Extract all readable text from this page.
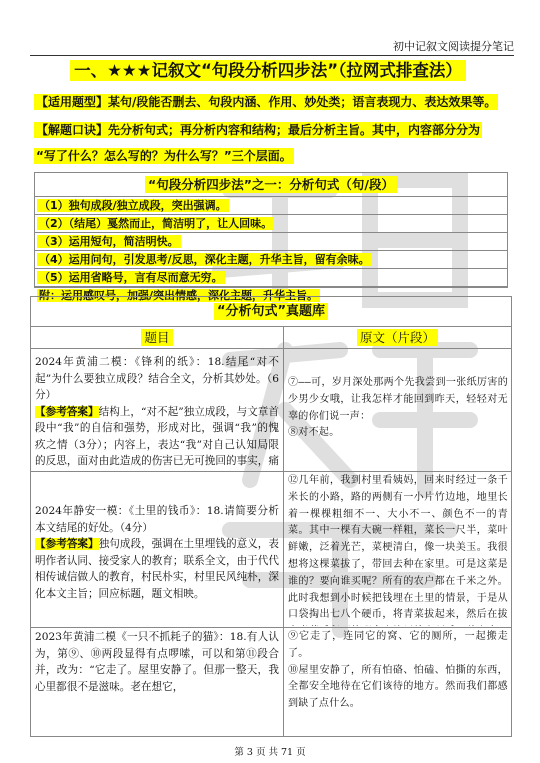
初中记叙文阅读提分笔记
一、★★★记叙文“句段分析四步法”（拉网式排查法）
【适用题型】某句/段能否删去、句段内涵、作用、妙处类；语言表现力、表达效果等。
【解题口诀】先分析句式；再分析内容和结构；最后分析主旨。其中，内容部分分为
“写了什么？怎么写的？为什么写？”三个层面。
“句段分析四步法”之一：分析句式（句/段）
（1）独句成段/独立成段，突出强调。
（2）（结尾）戛然而止，简洁明了，让人回味。
（3）运用短句，简洁明快。
（4）运用问句，引发思考/反思，深化主题，升华主旨，留有余味。
（5）运用省略号，言有尽而意无穷。
附：运用感叹号，加强/突出情感，深化主题，升华主旨。
“分析句式”真题库
题目	原文（片段）

2024年黄浦二模：《锋利的纸》：18.结尾“对不起”为什么要独立成段？结合全文，分析其妙处。（6分）

【参考答案】结构上，“对不起”独立成段，与文章首段中“我”的自信和强势，形成对比，强调“我”的愧疚之情（3分）；内容上，表达“我”对自己认知局限的反思，面对由此造成的伤害已无可挽回的事实，痛

⑦——可，岁月深处那两个先我尝到一张纸厉害的少男少女哦，让我怎样才能回到昨天，轻轻对无辜的你们说一声：

⑧对不起。

2024年静安一模：《土里的钱币》：18.请简要分析本文结尾的好处。（4分）

【参考答案】独句成段，强调在土里埋钱的意义，表明作者认同、接受家人的教育；联系全文，由于代代相传诚信做人的教育，村民朴实，村里民风纯朴，深化本文主旨；回应标题，题文相映。

⑫几年前，我到村里看姨妈，回来时经过一条千米长的小路，路的两侧有一小片竹边地，地里长着一棵棵粗细不一、大小不一、颜色不一的青菜。其中一棵有大碗一样粗，菜长一尺半，菜叶鲜嫩，泛着光芒，菜梗清白，像一块美玉。我很想将这棵菜拔了，带回去种在家里。可是这菜是谁的？要向谁买呢？所有的农户都在千米之外。此时我想到小时候把钱埋在土里的情景，于是从口袋掏出七八个硬币，将青菜拔起来，然后在拔

2023年黄浦二模《一只不抓耗子的猫》：18.有人认为，第⑨、⑩两段显得有点啰嗦，可以和第⑪段合并，改为：“它走了。屋里安静了。但那一整天，我心里都很不是滋味。老在想它，

⑨它走了，连同它的窝、它的厕所，一起搬走了。

⑩屋里安静了，所有怕硌、怕磕、怕撕的东西，全都安全地待在它们该待的地方。然而我们都感到缺了点什么。

第 3 页 共 71 页
